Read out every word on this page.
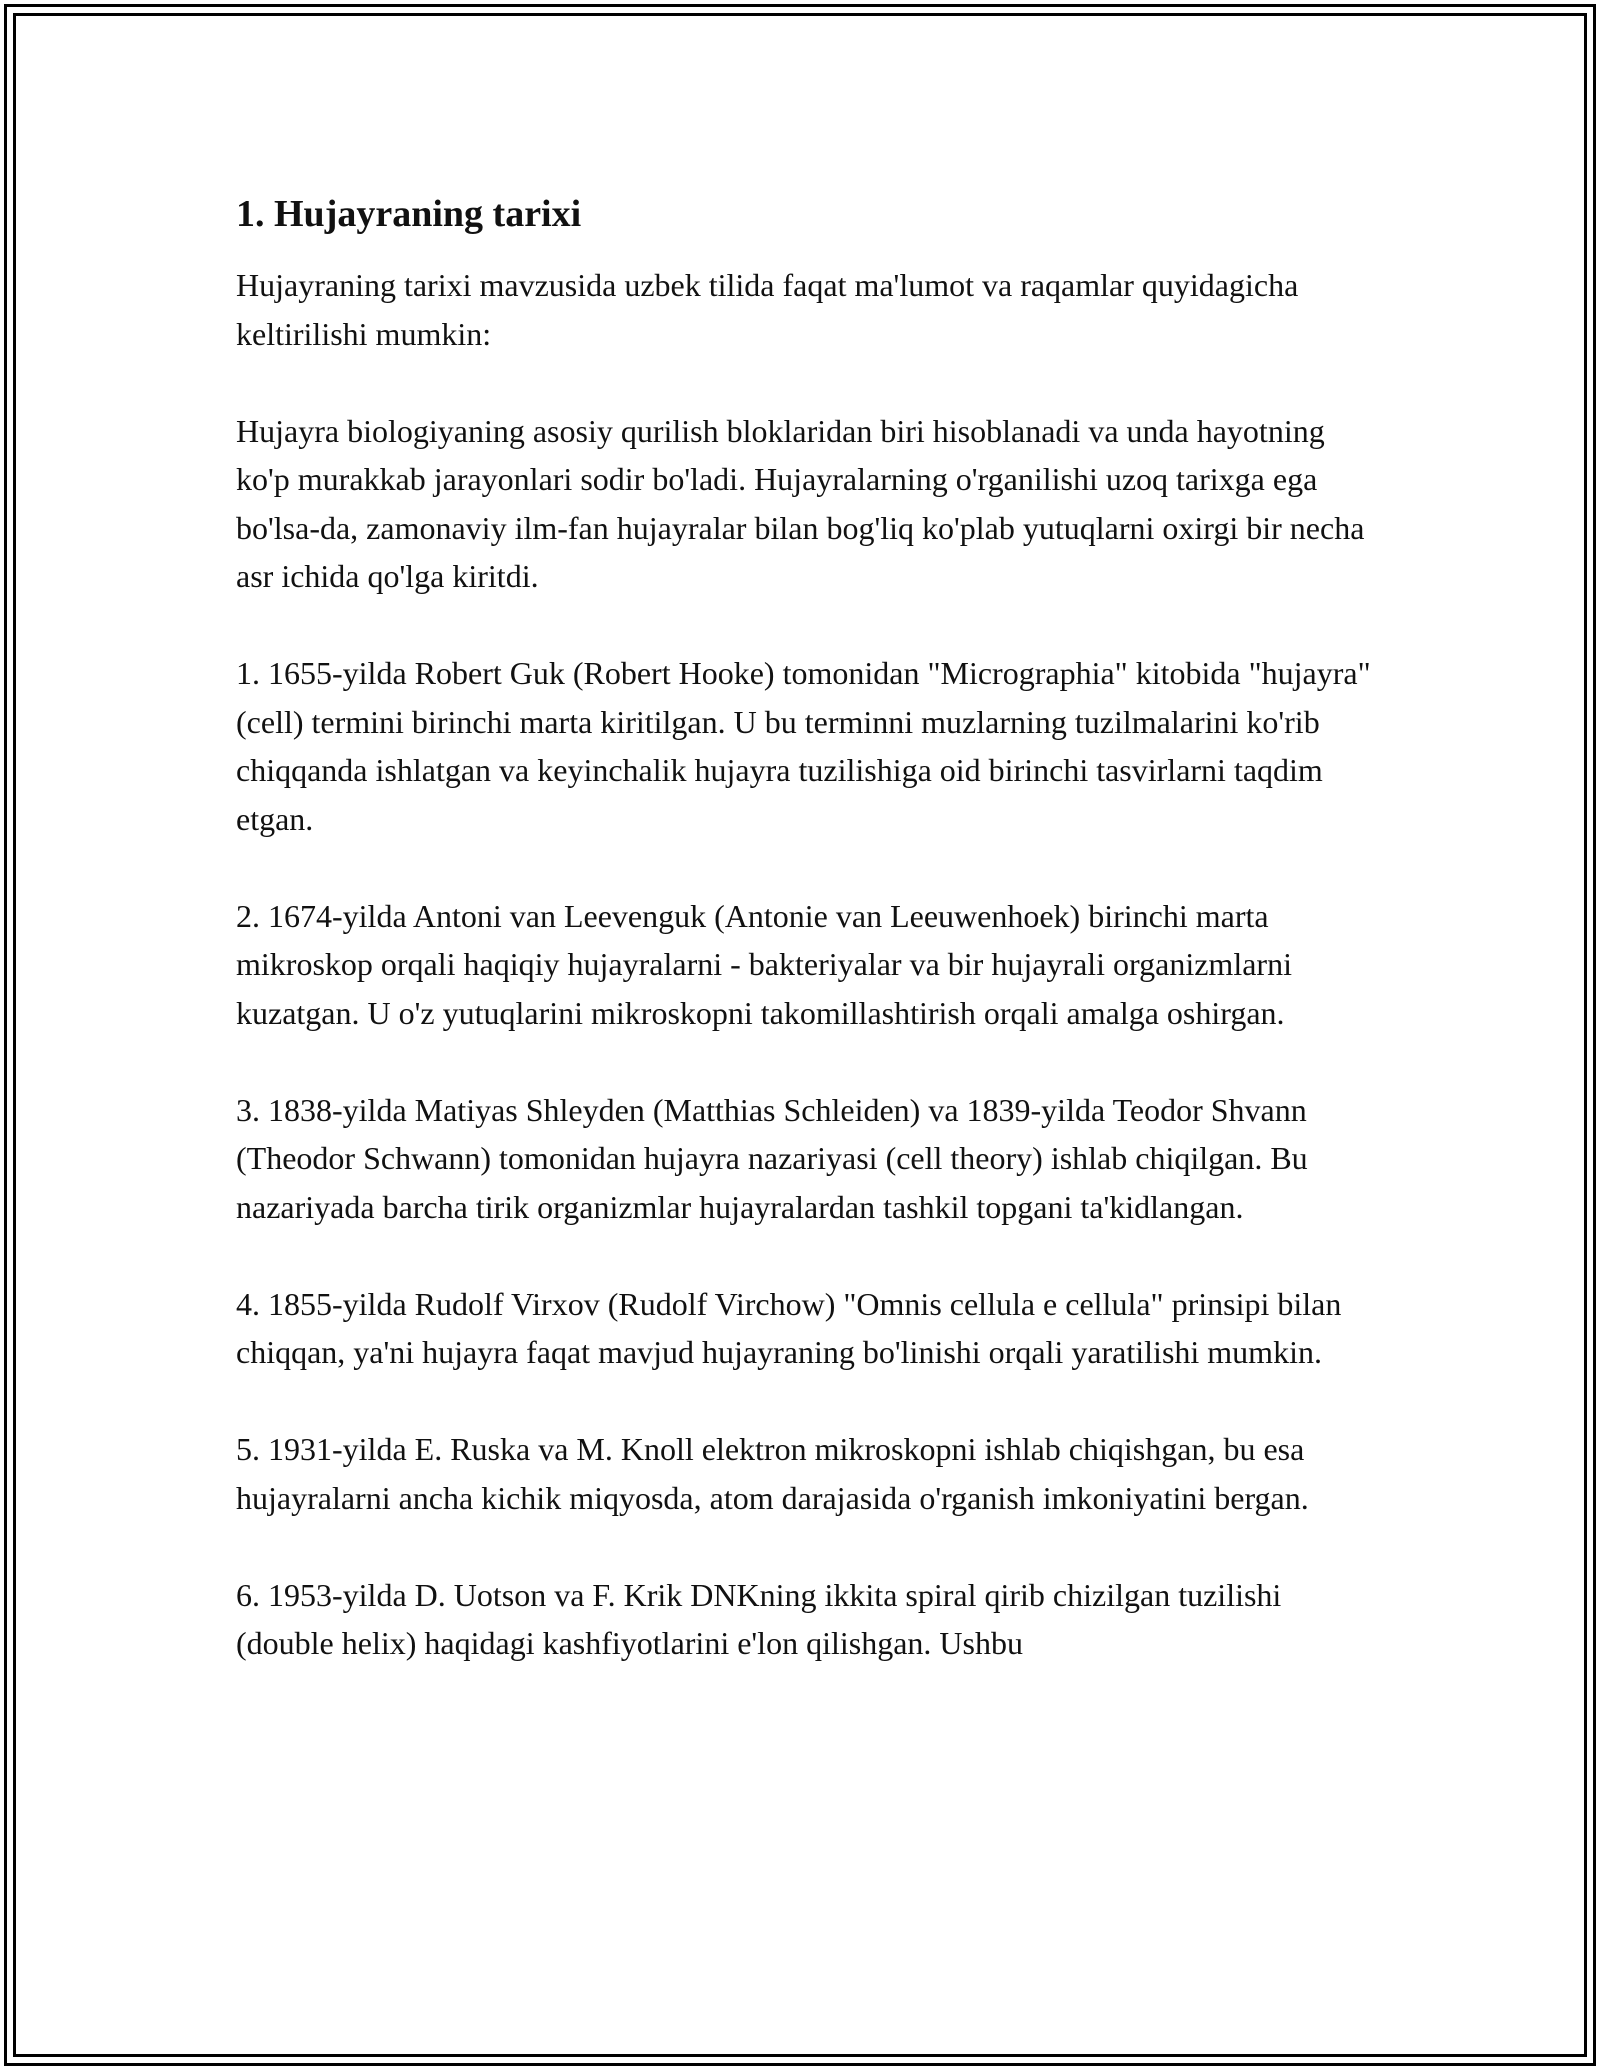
1. Hujayraning tarixi

Hujayraning tarixi mavzusida uzbek tilida faqat ma'lumot va raqamlar quyidagicha keltirilishi mumkin:

Hujayra biologiyaning asosiy qurilish bloklaridan biri hisoblanadi va unda hayotning ko'p murakkab jarayonlari sodir bo'ladi. Hujayralarning o'rganilishi uzoq tarixga ega bo'lsa-da, zamonaviy ilm-fan hujayralar bilan bog'liq ko'plab yutuqlarni oxirgi bir necha asr ichida qo'lga kiritdi.

1. 1655-yilda Robert Guk (Robert Hooke) tomonidan "Micrographia" kitobida "hujayra" (cell) termini birinchi marta kiritilgan. U bu terminni muzlarning tuzilmalarini ko'rib chiqqanda ishlatgan va keyinchalik hujayra tuzilishiga oid birinchi tasvirlarni taqdim etgan.

2. 1674-yilda Antoni van Leevenguk (Antonie van Leeuwenhoek) birinchi marta mikroskop orqali haqiqiy hujayralarni - bakteriyalar va bir hujayrali organizmlarni kuzatgan. U o'z yutuqlarini mikroskopni takomillashtirish orqali amalga oshirgan.

3. 1838-yilda Matiyas Shleyden (Matthias Schleiden) va 1839-yilda Teodor Shvann (Theodor Schwann) tomonidan hujayra nazariyasi (cell theory) ishlab chiqilgan. Bu nazariyada barcha tirik organizmlar hujayralardan tashkil topgani ta'kidlangan.

4. 1855-yilda Rudolf Virxov (Rudolf Virchow) "Omnis cellula e cellula" prinsipi bilan chiqqan, ya'ni hujayra faqat mavjud hujayraning bo'linishi orqali yaratilishi mumkin.

5. 1931-yilda E. Ruska va M. Knoll elektron mikroskopni ishlab chiqishgan, bu esa hujayralarni ancha kichik miqyosda, atom darajasida o'rganish imkoniyatini bergan.

6. 1953-yilda D. Uotson va F. Krik DNKning ikkita spiral qirib chizilgan tuzilishi (double helix) haqidagi kashfiyotlarini e'lon qilishgan. Ushbu
